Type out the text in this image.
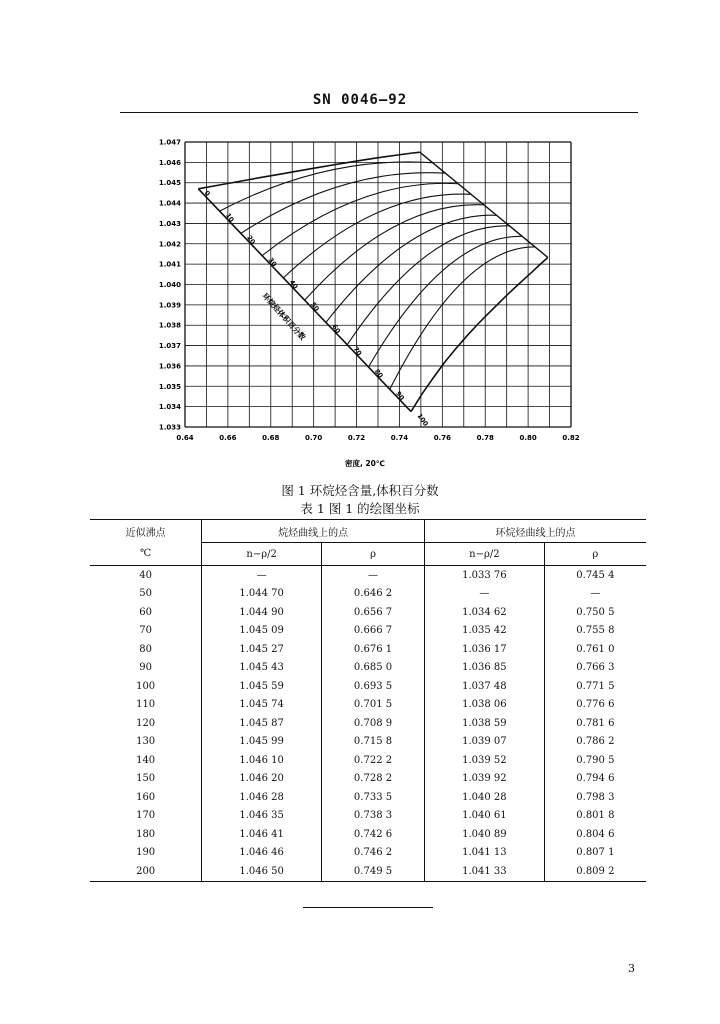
SN 0046—92
0.64	0.66	0.68	0.70	0.72	0.74	0.76	0.78	0.80	0.82
1.033
1.034
1.035
1.036
1.037
1.038
1.039
1.040
1.041
1.042
1.043
1.044
1.045
1.046
1.047
密度, 20℃
0
10
20
30
40
50
60
70
80
90
100
环烷烃体积百分数
图 1 环烷烃含量,体积百分数
表 1 图 1 的绘图坐标
近似沸点	烷烃曲线上的点		环烷烃曲线上的点	
℃	n−ρ/2	ρ	n−ρ/2	ρ
40	—	—	1.033 76	0.745 4
50	1.044 70	0.646 2	—	—
60	1.044 90	0.656 7	1.034 62	0.750 5
70	1.045 09	0.666 7	1.035 42	0.755 8
80	1.045 27	0.676 1	1.036 17	0.761 0
90	1.045 43	0.685 0	1.036 85	0.766 3
100	1.045 59	0.693 5	1.037 48	0.771 5
110	1.045 74	0.701 5	1.038 06	0.776 6
120	1.045 87	0.708 9	1.038 59	0.781 6
130	1.045 99	0.715 8	1.039 07	0.786 2
140	1.046 10	0.722 2	1.039 52	0.790 5
150	1.046 20	0.728 2	1.039 92	0.794 6
160	1.046 28	0.733 5	1.040 28	0.798 3
170	1.046 35	0.738 3	1.040 61	0.801 8
180	1.046 41	0.742 6	1.040 89	0.804 6
190	1.046 46	0.746 2	1.041 13	0.807 1
200	1.046 50	0.749 5	1.041 33	0.809 2
3
